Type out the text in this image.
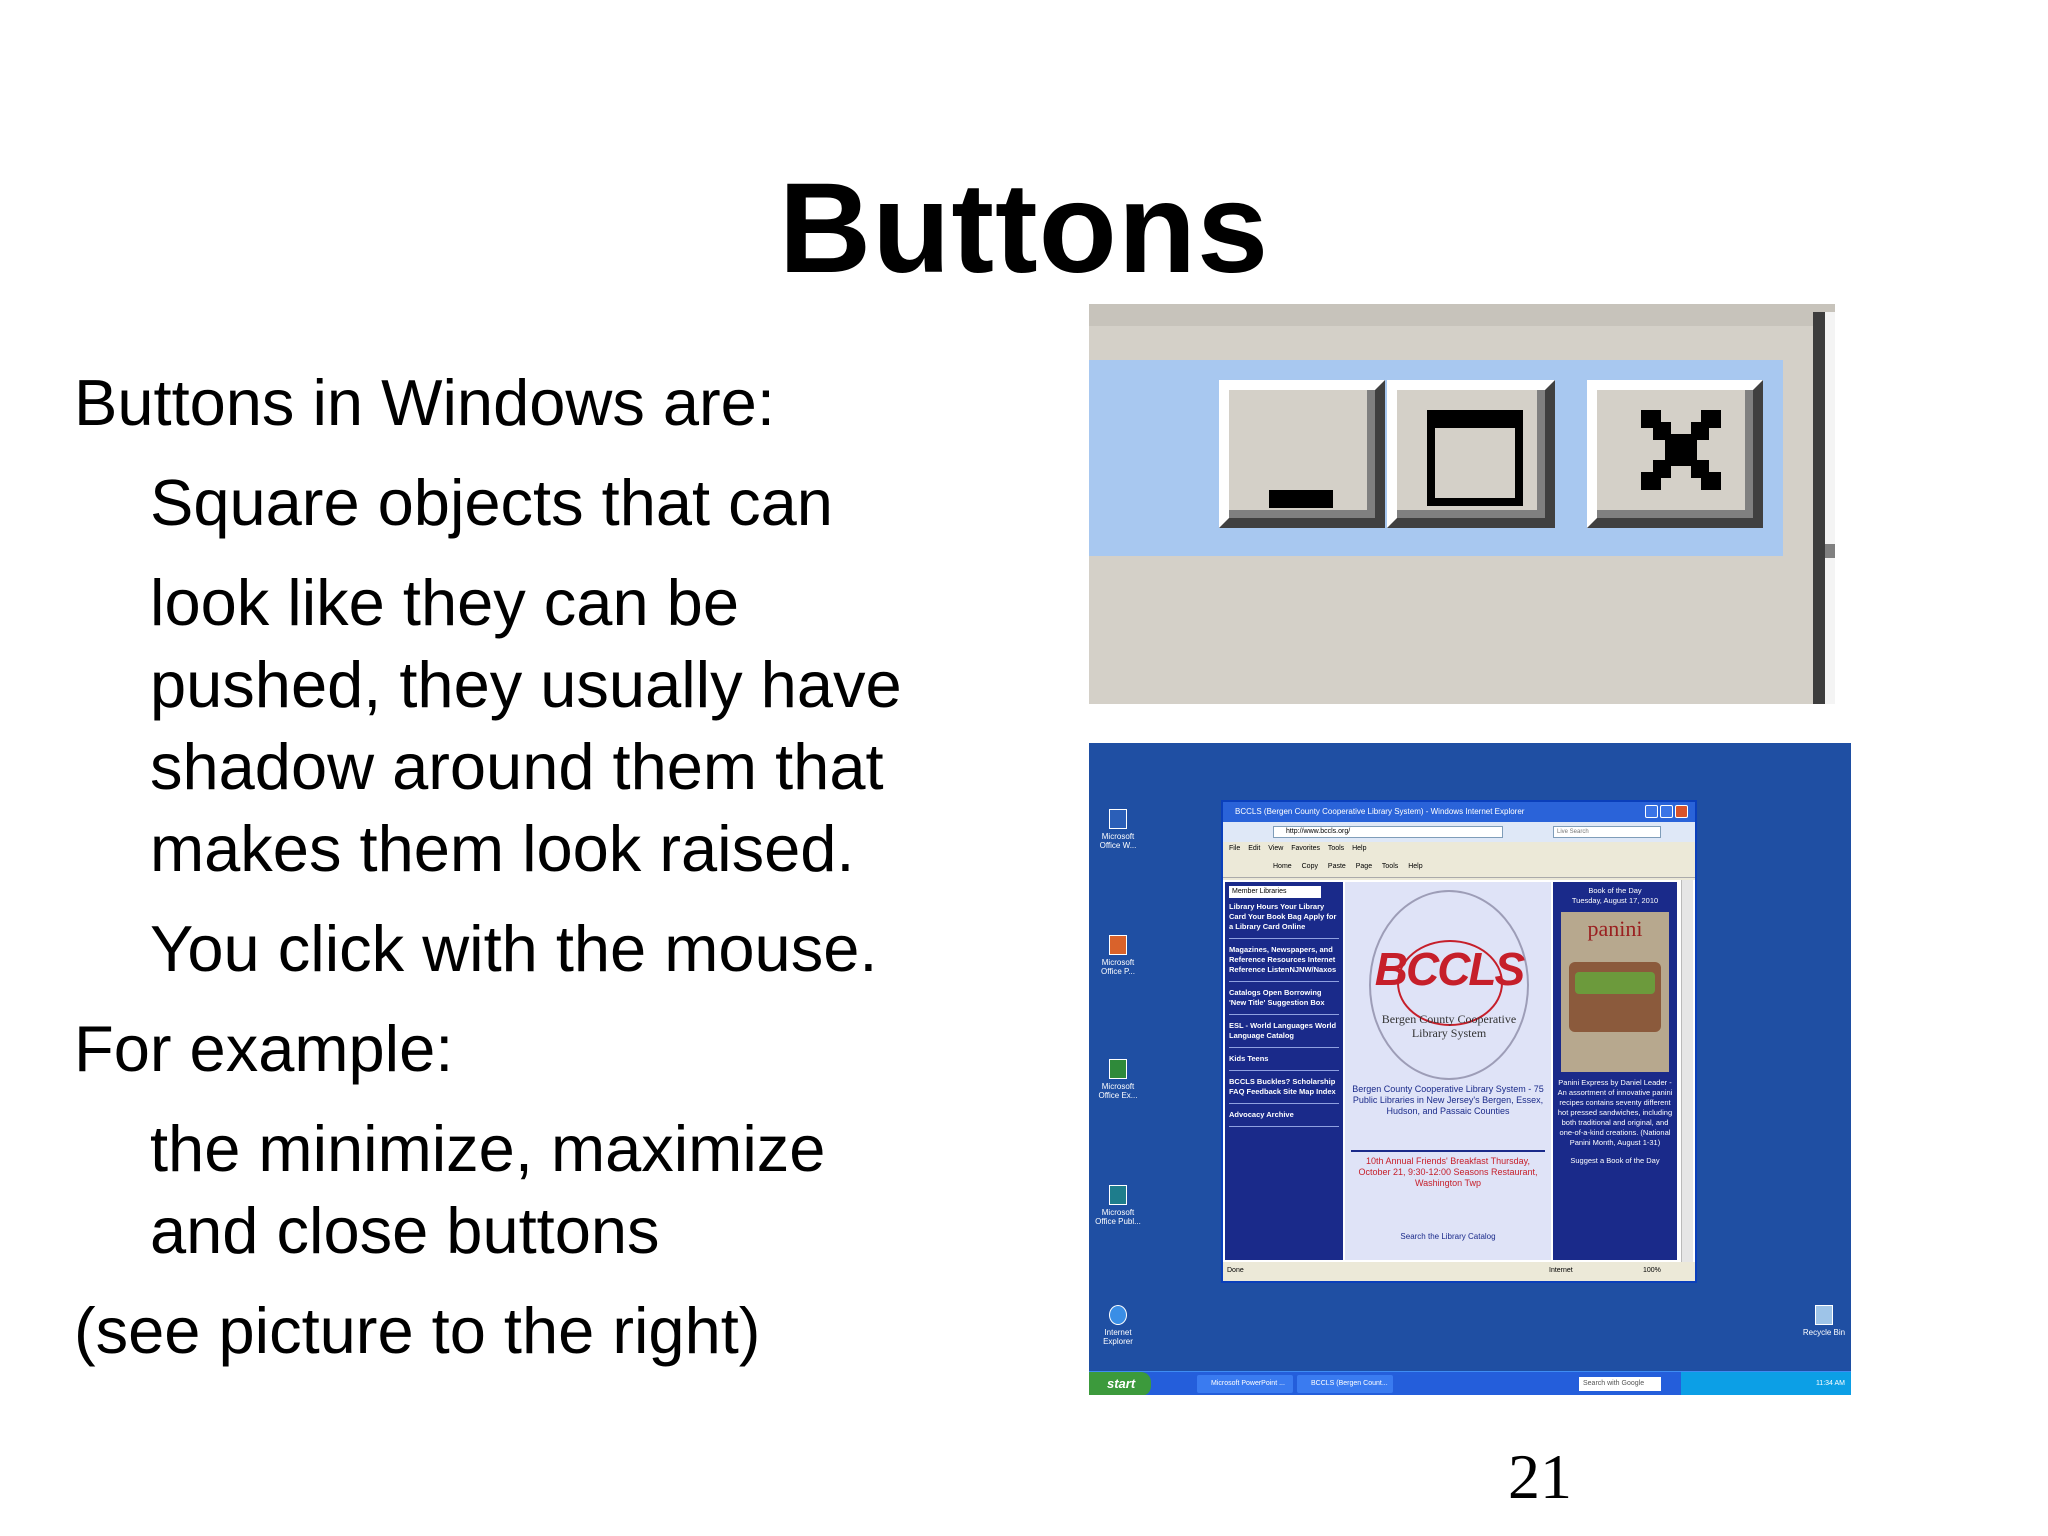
Buttons
Buttons in Windows are:
Square objects that can
look like they can be
pushed, they usually have
shadow around them that
makes them look raised.
You click with the mouse.
For example:
the minimize, maximize
and close buttons
(see picture to the right)
Microsoft Office W...
Microsoft Office P...
Microsoft Office Ex...
Microsoft Office Publ...
Internet Explorer
Recycle Bin
BCCLS (Bergen County Cooperative Library System) - Windows Internet Explorer
http://www.bccls.org/	Live Search
File Edit View Favorites Tools Help
Home Copy Paste Page Tools Help
Member Libraries
Library Hours Your Library Card Your Book Bag Apply for a Library Card Online
Magazines, Newspapers, and Reference Resources Internet Reference ListenNJNW/Naxos
Catalogs Open Borrowing 'New Title' Suggestion Box
ESL - World Languages World Language Catalog
Kids Teens
BCCLS Buckles? Scholarship FAQ Feedback Site Map Index
Advocacy Archive
BCCLS
Bergen County Cooperative
Library System
Bergen County Cooperative Library System - 75 Public Libraries in New Jersey's Bergen, Essex, Hudson, and Passaic Counties
10th Annual Friends' Breakfast Thursday, October 21, 9:30-12:00 Seasons Restaurant, Washington Twp
Search the Library Catalog
Book of the Day
Tuesday, August 17, 2010
panini
Panini Express by Daniel Leader - An assortment of innovative panini recipes contains seventy different hot pressed sandwiches, including both traditional and original, and one-of-a-kind creations. (National Panini Month, August 1-31)
Suggest a Book of the Day
Done	Internet	100%
start	Microsoft PowerPoint ...	BCCLS (Bergen Count...	Search with Google	11:34 AM
21
